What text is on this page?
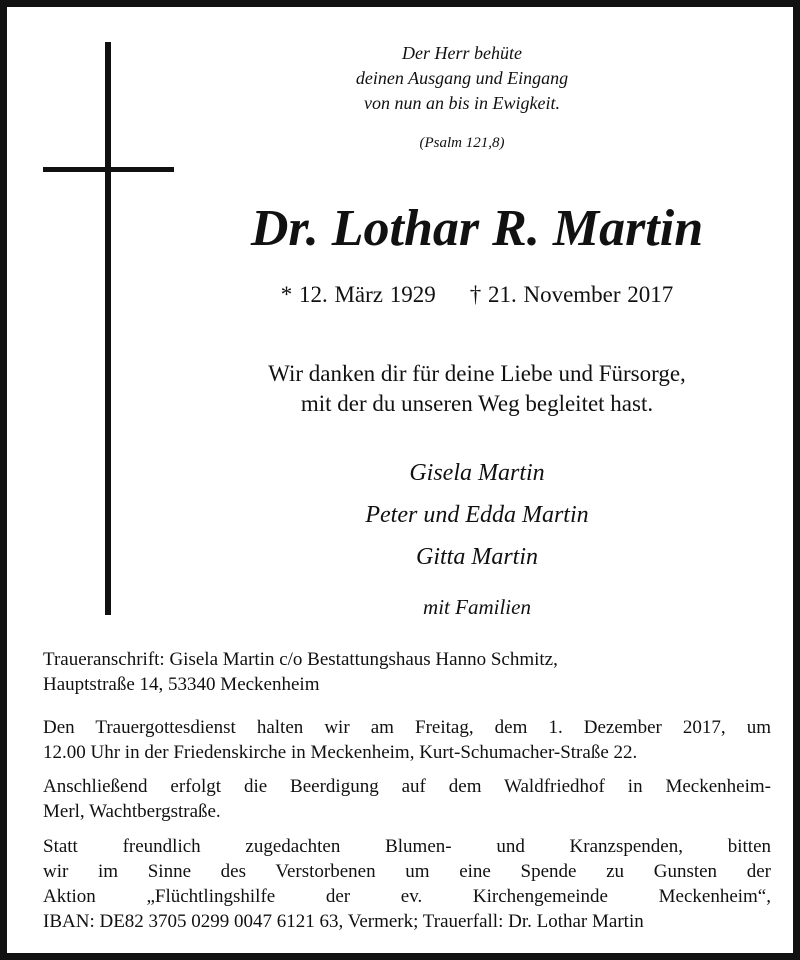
Der Herr behüte
deinen Ausgang und Eingang
von nun an bis in Ewigkeit.
(Psalm 121,8)
Dr. Lothar R. Martin
* 12. März 1929 † 21. November 2017
Wir danken dir für deine Liebe und Fürsorge,
mit der du unseren Weg begleitet hast.
Gisela Martin
Peter und Edda Martin
Gitta Martin
mit Familien
Traueranschrift: Gisela Martin c/o Bestattungshaus Hanno Schmitz,
Hauptstraße 14, 53340 Meckenheim
Den Trauergottesdienst halten wir am Freitag, dem 1. Dezember 2017, um
12.00 Uhr in der Friedenskirche in Meckenheim, Kurt-Schumacher-Straße 22.
Anschließend erfolgt die Beerdigung auf dem Waldfriedhof in Meckenheim-
Merl, Wachtbergstraße.
Statt freundlich zugedachten Blumen- und Kranzspenden, bitten
wir im Sinne des Verstorbenen um eine Spende zu Gunsten der
Aktion „Flüchtlingshilfe der ev. Kirchengemeinde Meckenheim“,
IBAN: DE82 3705 0299 0047 6121 63, Vermerk; Trauerfall: Dr. Lothar Martin
